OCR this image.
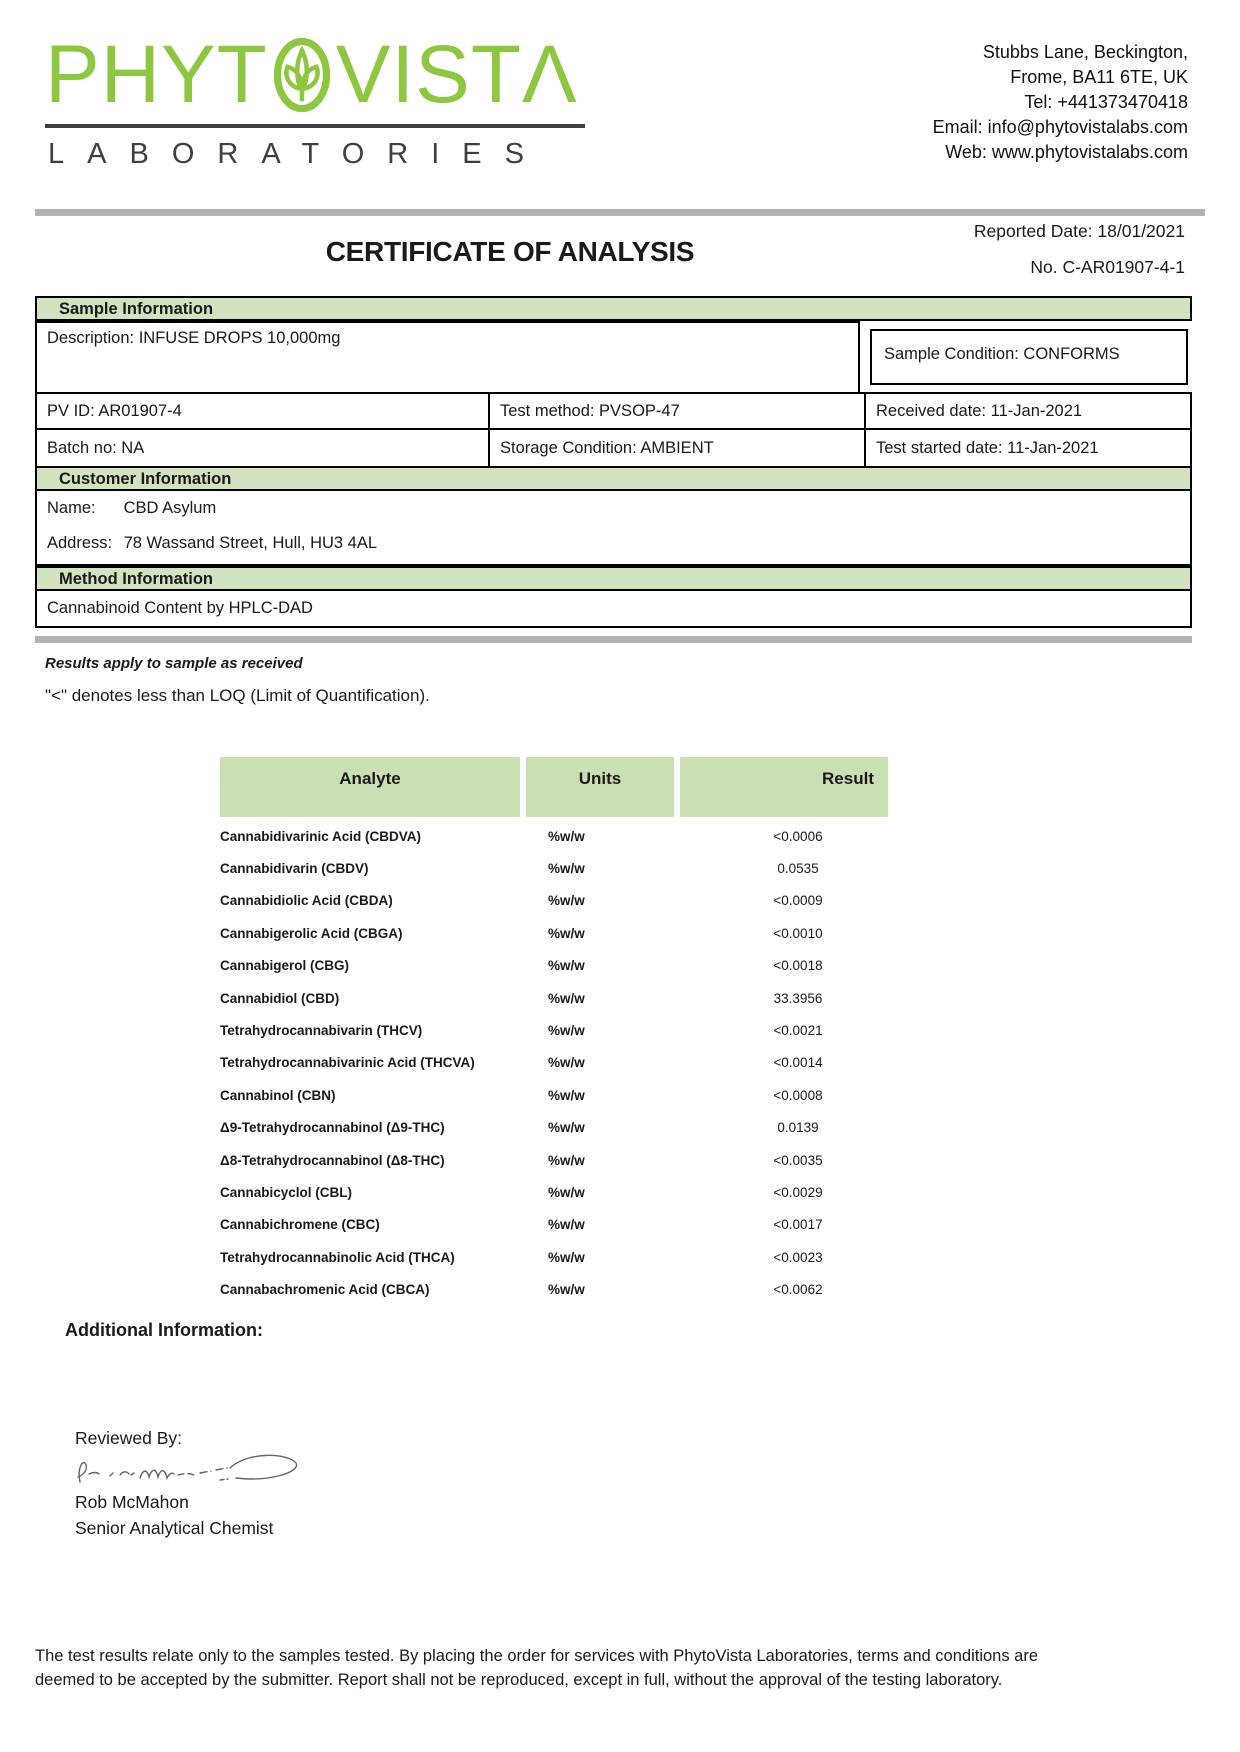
PHYT VISTΛ
LABORATORIES
Stubbs Lane, Beckington,
Frome, BA11 6TE, UK
Tel: +441373470418
Email: info@phytovistalabs.com
Web: www.phytovistalabs.com
Reported Date: 18/01/2021
CERTIFICATE OF ANALYSIS	No. C-AR01907-4-1
Sample Information
Description: INFUSE DROPS 10,000mg
Sample Condition: CONFORMS
PV ID: AR01907-4	Test method: PVSOP-47	Received date: 11-Jan-2021
Batch no: NA	Storage Condition: AMBIENT	Test started date: 11-Jan-2021
Customer Information
Name: CBD Asylum
Address: 78 Wassand Street, Hull, HU3 4AL
Method Information
Cannabinoid Content by HPLC-DAD
Results apply to sample as received
"<" denotes less than LOQ (Limit of Quantification).
Analyte	Units	Result
Cannabidivarinic Acid (CBDVA)	%w/w	<0.0006
Cannabidivarin (CBDV)	%w/w	0.0535
Cannabidiolic Acid (CBDA)	%w/w	<0.0009
Cannabigerolic Acid (CBGA)	%w/w	<0.0010
Cannabigerol (CBG)	%w/w	<0.0018
Cannabidiol (CBD)	%w/w	33.3956
Tetrahydrocannabivarin (THCV)	%w/w	<0.0021
Tetrahydrocannabivarinic Acid (THCVA)	%w/w	<0.0014
Cannabinol (CBN)	%w/w	<0.0008
Δ9-Tetrahydrocannabinol (Δ9-THC)	%w/w	0.0139
Δ8-Tetrahydrocannabinol (Δ8-THC)	%w/w	<0.0035
Cannabicyclol (CBL)	%w/w	<0.0029
Cannabichromene (CBC)	%w/w	<0.0017
Tetrahydrocannabinolic Acid (THCA)	%w/w	<0.0023
Cannabachromenic Acid (CBCA)	%w/w	<0.0062
Additional Information:
Reviewed By:
Rob McMahon
Senior Analytical Chemist
The test results relate only to the samples tested. By placing the order for services with PhytoVista Laboratories, terms and conditions are
deemed to be accepted by the submitter. Report shall not be reproduced, except in full, without the approval of the testing laboratory.
